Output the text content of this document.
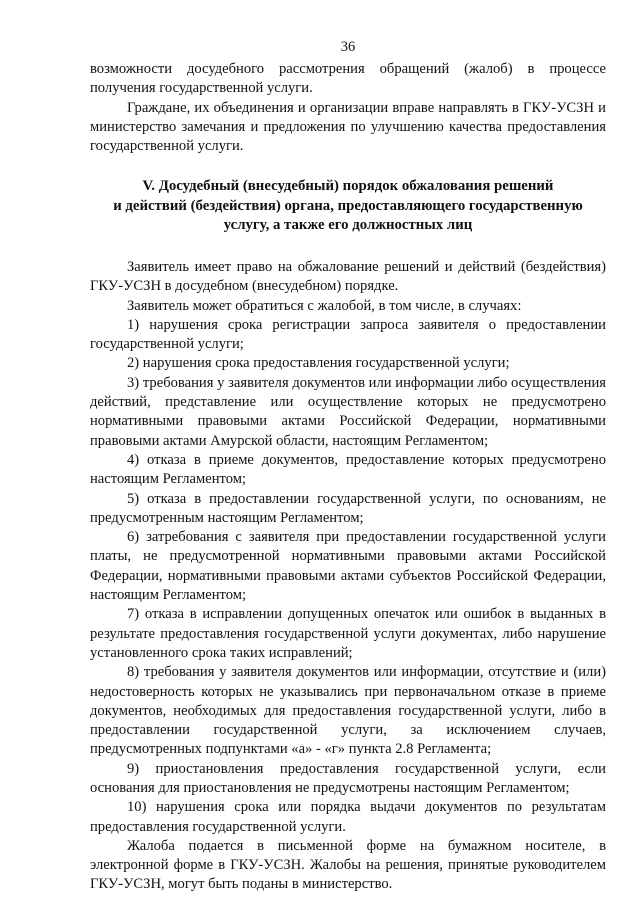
36

возможности досудебного рассмотрения обращений (жалоб) в процессе получения государственной услуги.

Граждане, их объединения и организации вправе направлять в ГКУ-УСЗН и министерство замечания и предложения по улучшению качества предоставления государственной услуги.

V. Досудебный (внесудебный) порядок обжалования решений
и действий (бездействия) органа, предоставляющего государственную
услугу, а также его должностных лиц

Заявитель имеет право на обжалование решений и действий (бездействия) ГКУ-УСЗН в досудебном (внесудебном) порядке.

Заявитель может обратиться с жалобой, в том числе, в случаях:

1) нарушения срока регистрации запроса заявителя о предоставлении государственной услуги;

2) нарушения срока предоставления государственной услуги;

3) требования у заявителя документов или информации либо осуществления действий, представление или осуществление которых не предусмотрено нормативными правовыми актами Российской Федерации, нормативными правовыми актами Амурской области, настоящим Регламентом;

4) отказа в приеме документов, предоставление которых предусмотрено настоящим Регламентом;

5) отказа в предоставлении государственной услуги, по основаниям, не предусмотренным настоящим Регламентом;

6) затребования с заявителя при предоставлении государственной услуги платы, не предусмотренной нормативными правовыми актами Российской Федерации, нормативными правовыми актами субъектов Российской Федерации, настоящим Регламентом;

7) отказа в исправлении допущенных опечаток или ошибок в выданных в результате предоставления государственной услуги документах, либо нарушение установленного срока таких исправлений;

8) требования у заявителя документов или информации, отсутствие и (или) недостоверность которых не указывались при первоначальном отказе в приеме документов, необходимых для предоставления государственной услуги, либо в предоставлении государственной услуги, за исключением случаев, предусмотренных подпунктами «а» - «г» пункта 2.8 Регламента;

9) приостановления предоставления государственной услуги, если основания для приостановления не предусмотрены настоящим Регламентом;

10) нарушения срока или порядка выдачи документов по результатам предоставления государственной услуги.

Жалоба подается в письменной форме на бумажном носителе, в электронной форме в ГКУ-УСЗН. Жалобы на решения, принятые руководителем ГКУ-УСЗН, могут быть поданы в министерство.
